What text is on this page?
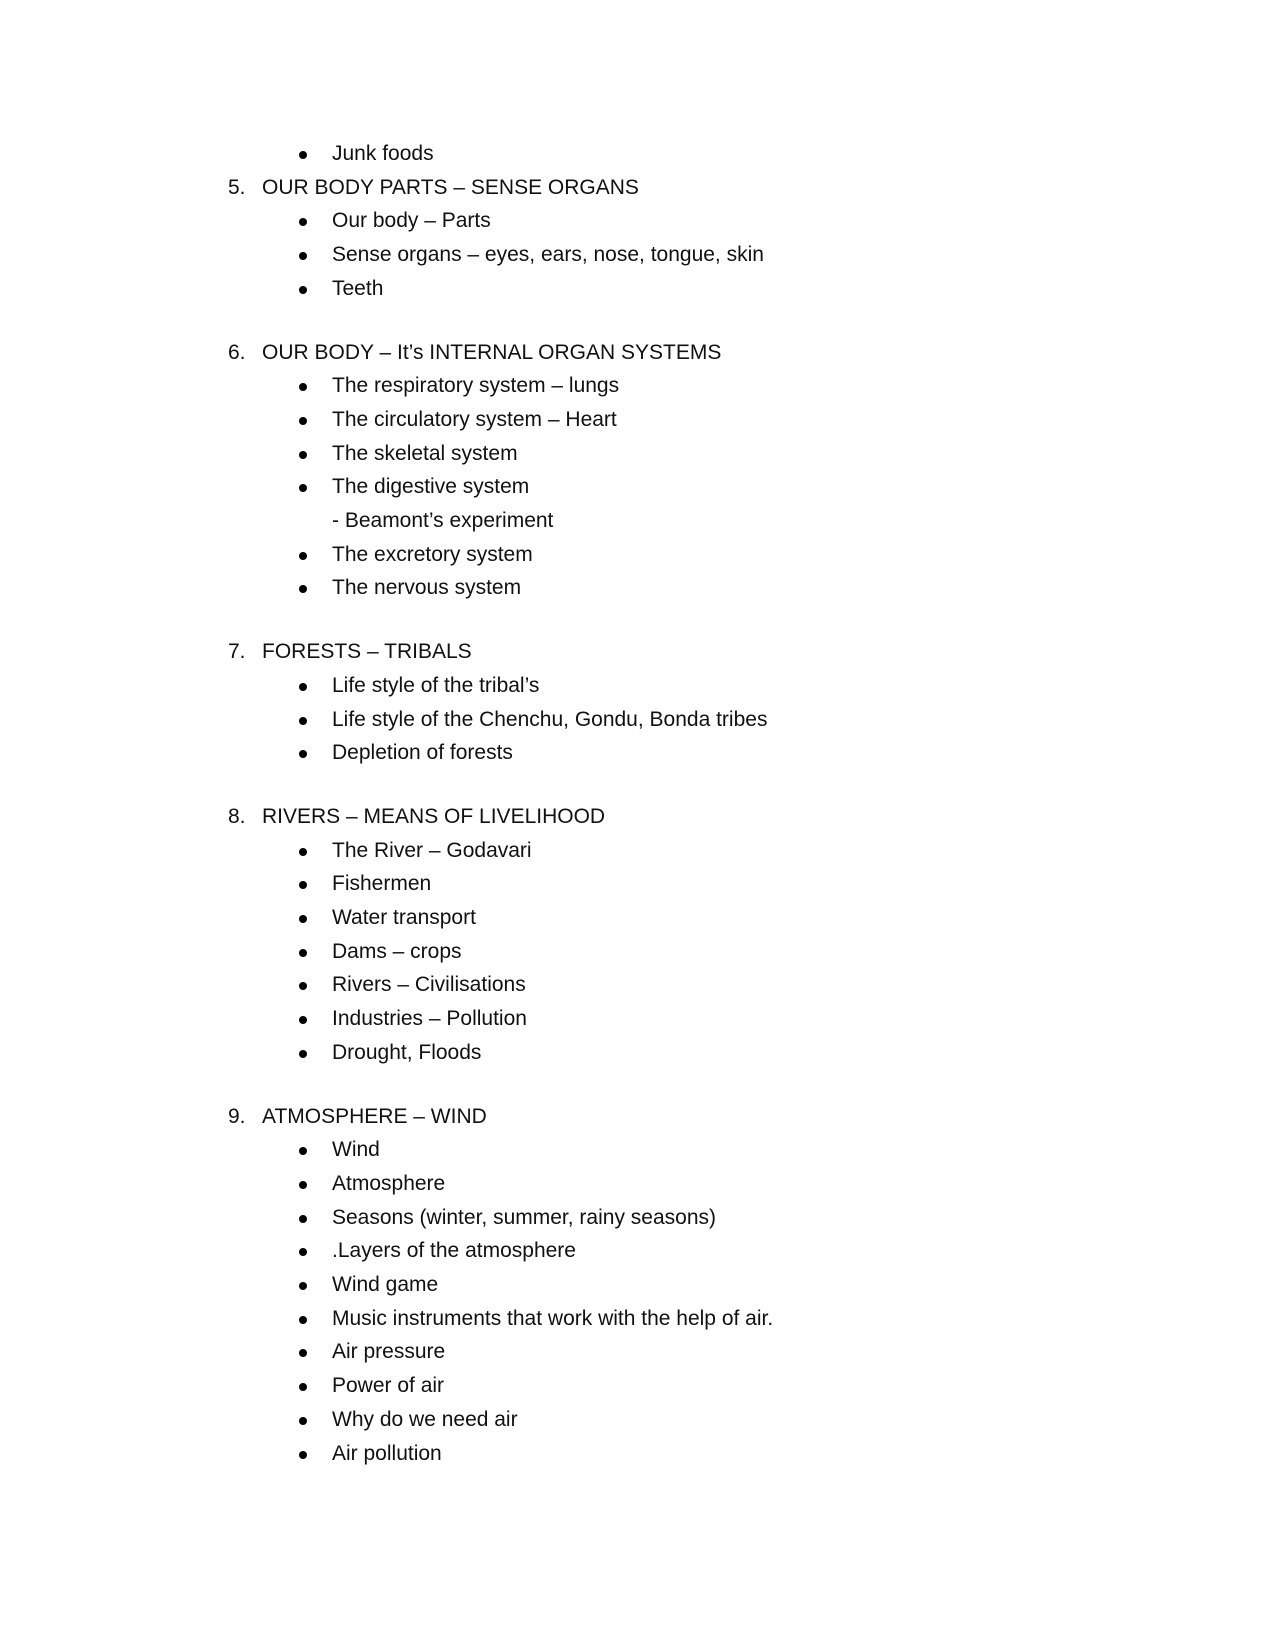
Junk foods
5. OUR BODY PARTS – SENSE ORGANS
Our body – Parts
Sense organs – eyes, ears, nose, tongue, skin
Teeth
6. OUR BODY – It’s INTERNAL ORGAN SYSTEMS
The respiratory system – lungs
The circulatory system – Heart
The skeletal system
The digestive system
- Beamont’s experiment
The excretory system
The nervous system
7. FORESTS – TRIBALS
Life style of the tribal’s
Life style of the Chenchu, Gondu, Bonda tribes
Depletion of forests
8. RIVERS – MEANS OF LIVELIHOOD
The River – Godavari
Fishermen
Water transport
Dams – crops
Rivers – Civilisations
Industries – Pollution
Drought, Floods
9. ATMOSPHERE – WIND
Wind
Atmosphere
Seasons (winter, summer, rainy seasons)
.Layers of the atmosphere
Wind game
Music instruments that work with the help of air.
Air pressure
Power of air
Why do we need air
Air pollution
